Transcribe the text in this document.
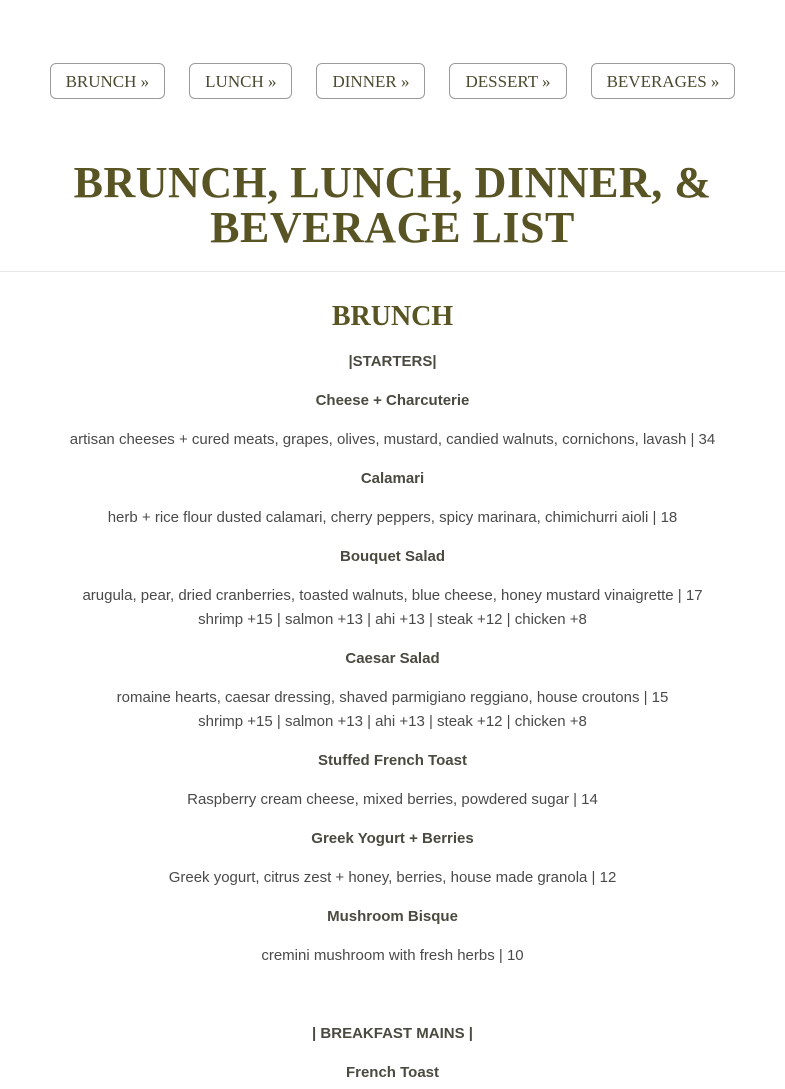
BRUNCH »	LUNCH »	DINNER »	DESSERT »	BEVERAGES »
BRUNCH, LUNCH, DINNER, &
BEVERAGE LIST
BRUNCH
|STARTERS|
Cheese + Charcuterie
artisan cheeses + cured meats, grapes, olives, mustard, candied walnuts, cornichons, lavash | 34
Calamari
herb + rice flour dusted calamari, cherry peppers, spicy marinara, chimichurri aioli | 18
Bouquet Salad
arugula, pear, dried cranberries, toasted walnuts, blue cheese, honey mustard vinaigrette | 17
shrimp +15 | salmon +13 | ahi +13 | steak +12 | chicken +8
Caesar Salad
romaine hearts, caesar dressing, shaved parmigiano reggiano, house croutons | 15
shrimp +15 | salmon +13 | ahi +13 | steak +12 | chicken +8
Stuffed French Toast
Raspberry cream cheese, mixed berries, powdered sugar | 14
Greek Yogurt + Berries
Greek yogurt, citrus zest + honey, berries, house made granola | 12
Mushroom Bisque
cremini mushroom with fresh herbs | 10
| BREAKFAST MAINS |
French Toast
